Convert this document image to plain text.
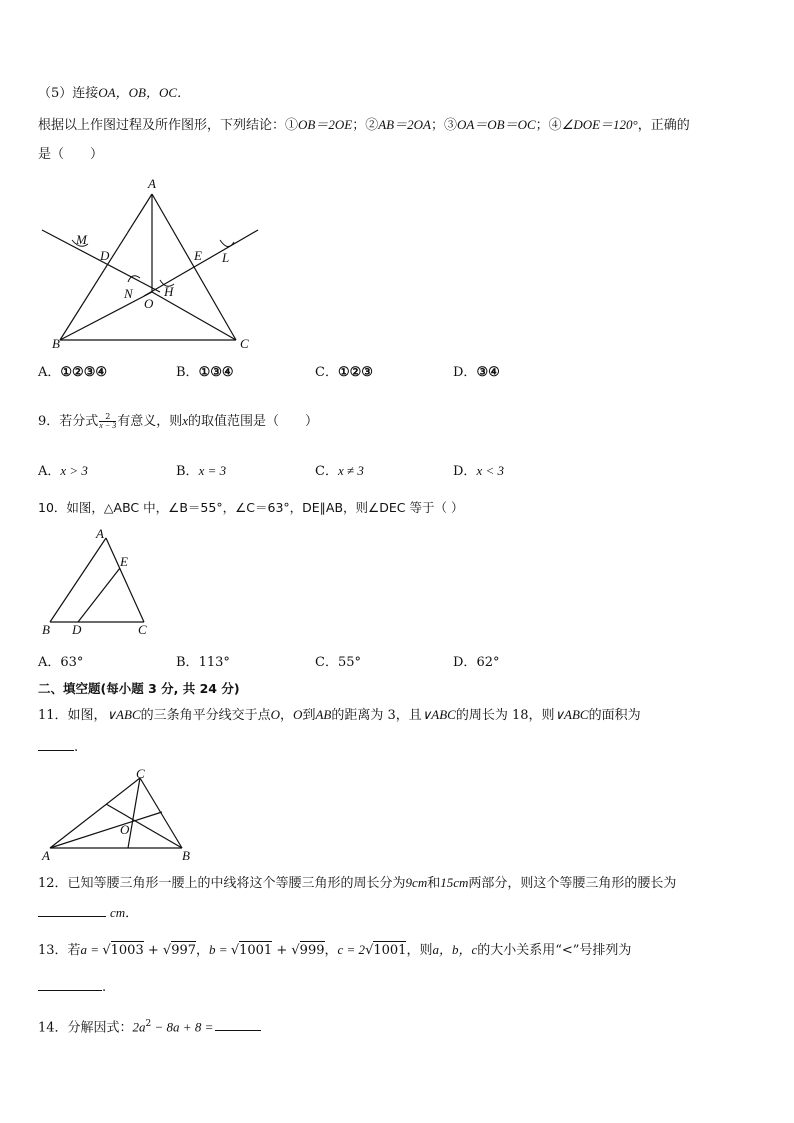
（5）连接OA，OB，OC．
根据以上作图过程及所作图形，下列结论：①OB＝2OE；②AB＝2OA；③OA＝OB＝OC；④∠DOE＝120°，正确的
是（　　）
A
B	C
M
D	E L
N H
O
A．①②③④	B．①③④	C．①②③	D．③④
9．若分式 $\frac{2}{x - 3}$ 有意义，则x的取值范围是（　　）
A．x > 3	B．x = 3	C．x ≠ 3	D．x < 3
10．如图，△ABC 中，∠B＝55°，∠C＝63°，DE∥AB，则∠DEC 等于（ ）
A
E
B D	C
A．63°	B．113°	C．55°	D．62°
二、填空题(每小题 3 分, 共 24 分)
11．如图，∨ABC的三条角平分线交于点O，O到AB的距离为 3，且∨ABC的周长为 18，则∨ABC的面积为
.
C
O
A	B
12．已知等腰三角形一腰上的中线将这个等腰三角形的周长分为9cm和15cm两部分，则这个等腰三角形的腰长为
cm．
13．若a = √1003 + √997，b = √1001 + √999，c = 2√1001，则a，b，c的大小关系用“<”号排列为
.
14．分解因式：$2a^2 - 8a + 8$ =
